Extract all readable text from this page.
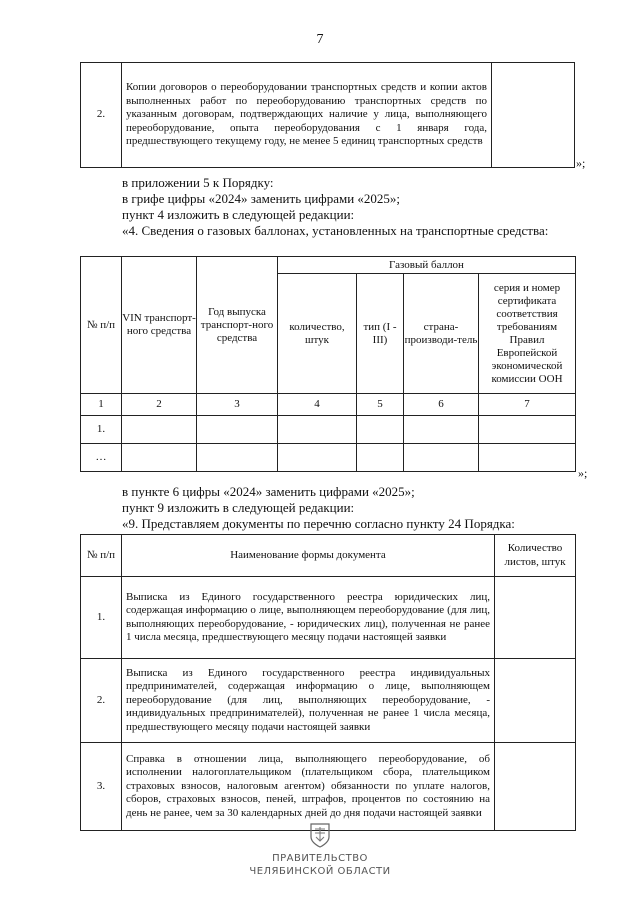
7
2.	Копии договоров о переоборудовании транспортных средств и копии актов выполненных работ по переоборудованию транспортных средств по указанным договорам, подтверждающих наличие у лица, выполняющего переоборудование, опыта переоборудования с 1 января года, предшествующего текущему году, не менее 5 единиц транспортных средств	
»;
в приложении 5 к Порядку:
в грифе цифры «2024» заменить цифрами «2025»;
пункт 4 изложить в следующей редакции:
«4. Сведения о газовых баллонах, установленных на транспортные средства:
№ п/п	VIN транспорт-ного средства	Год выпуска транспорт-ного средства	Газовый баллон			
			количество, штук	тип (I - III)	страна-производи-тель	серия и номер сертификата соответствия требованиям Правил Европейской экономической комиссии ООН
1	2	3	4	5	6	7
1.						
…						
»;
в пункте 6 цифры «2024» заменить цифрами «2025»;
пункт 9 изложить в следующей редакции:
«9. Представляем документы по перечню согласно пункту 24 Порядка:
№ п/п	Наименование формы документа	Количество листов, штук
1.	Выписка из Единого государственного реестра юридических лиц, содержащая информацию о лице, выполняющем переоборудование (для лиц, выполняющих переоборудование, - юридических лиц), полученная не ранее 1 числа месяца, предшествующего месяцу подачи настоящей заявки	
2.	Выписка из Единого государственного реестра индивидуальных предпринимателей, содержащая информацию о лице, выполняющем переоборудование (для лиц, выполняющих переоборудование, - индивидуальных предпринимателей), полученная не ранее 1 числа месяца, предшествующего месяцу подачи настоящей заявки	
3.	Справка в отношении лица, выполняющего переоборудование, об исполнении налогоплательщиком (плательщиком сбора, плательщиком страховых взносов, налоговым агентом) обязанности по уплате налогов, сборов, страховых взносов, пеней, штрафов, процентов по состоянию на день не ранее, чем за 30 календарных дней до дня подачи настоящей заявки	
ПРАВИТЕЛЬСТВО
ЧЕЛЯБИНСКОЙ ОБЛАСТИ
